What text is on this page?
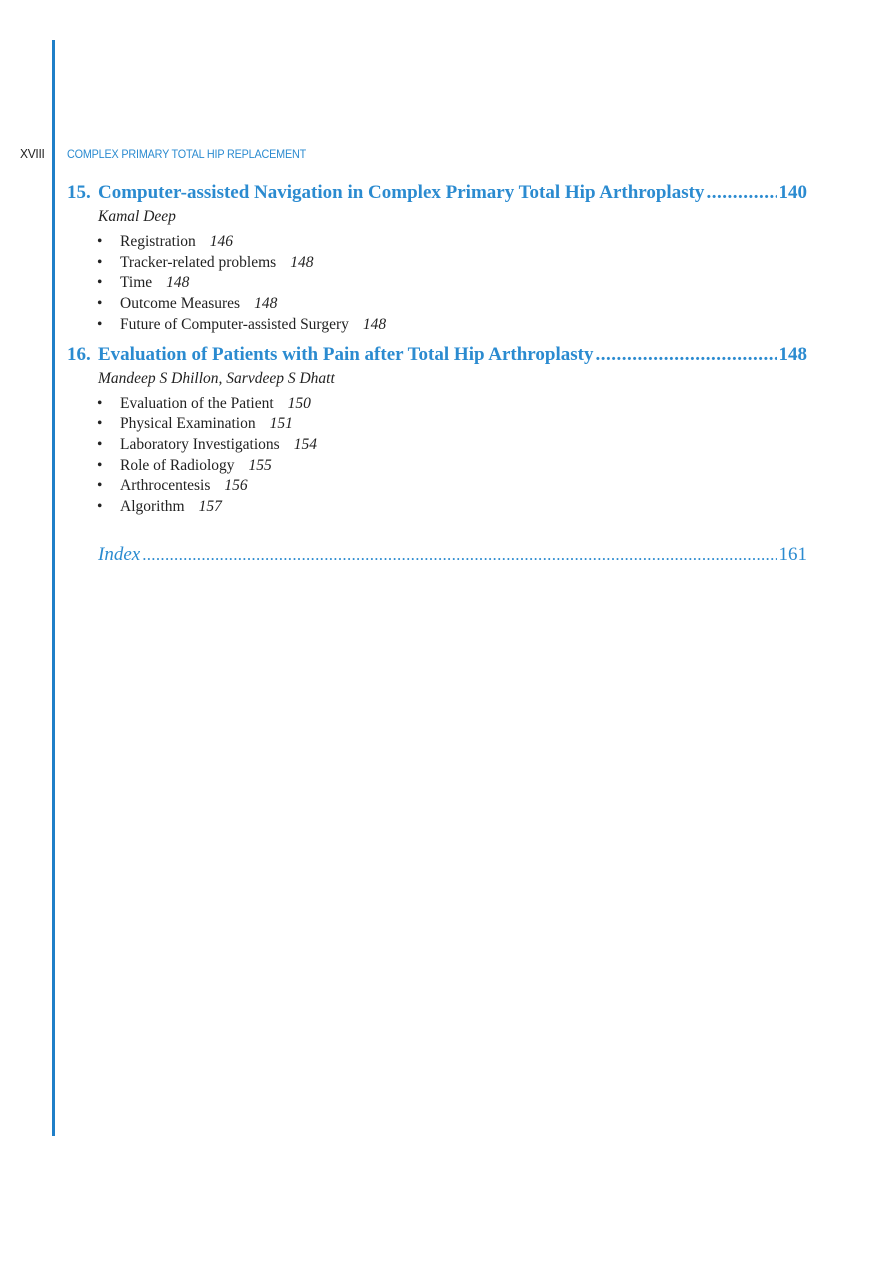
XVIII COMPLEX PRIMARY TOTAL HIP REPLACEMENT
15. Computer-assisted Navigation in Complex Primary Total Hip Arthroplasty .....	140
Kamal Deep
• Registration 146
• Tracker-related problems 148
• Time 148
• Outcome Measures 148
• Future of Computer-assisted Surgery 148
16. Evaluation of Patients with Pain after Total Hip Arthroplasty .....	148
Mandeep S Dhillon, Sarvdeep S Dhatt
• Evaluation of the Patient 150
• Physical Examination 151
• Laboratory Investigations 154
• Role of Radiology 155
• Arthrocentesis 156
• Algorithm 157
Index .....	161
